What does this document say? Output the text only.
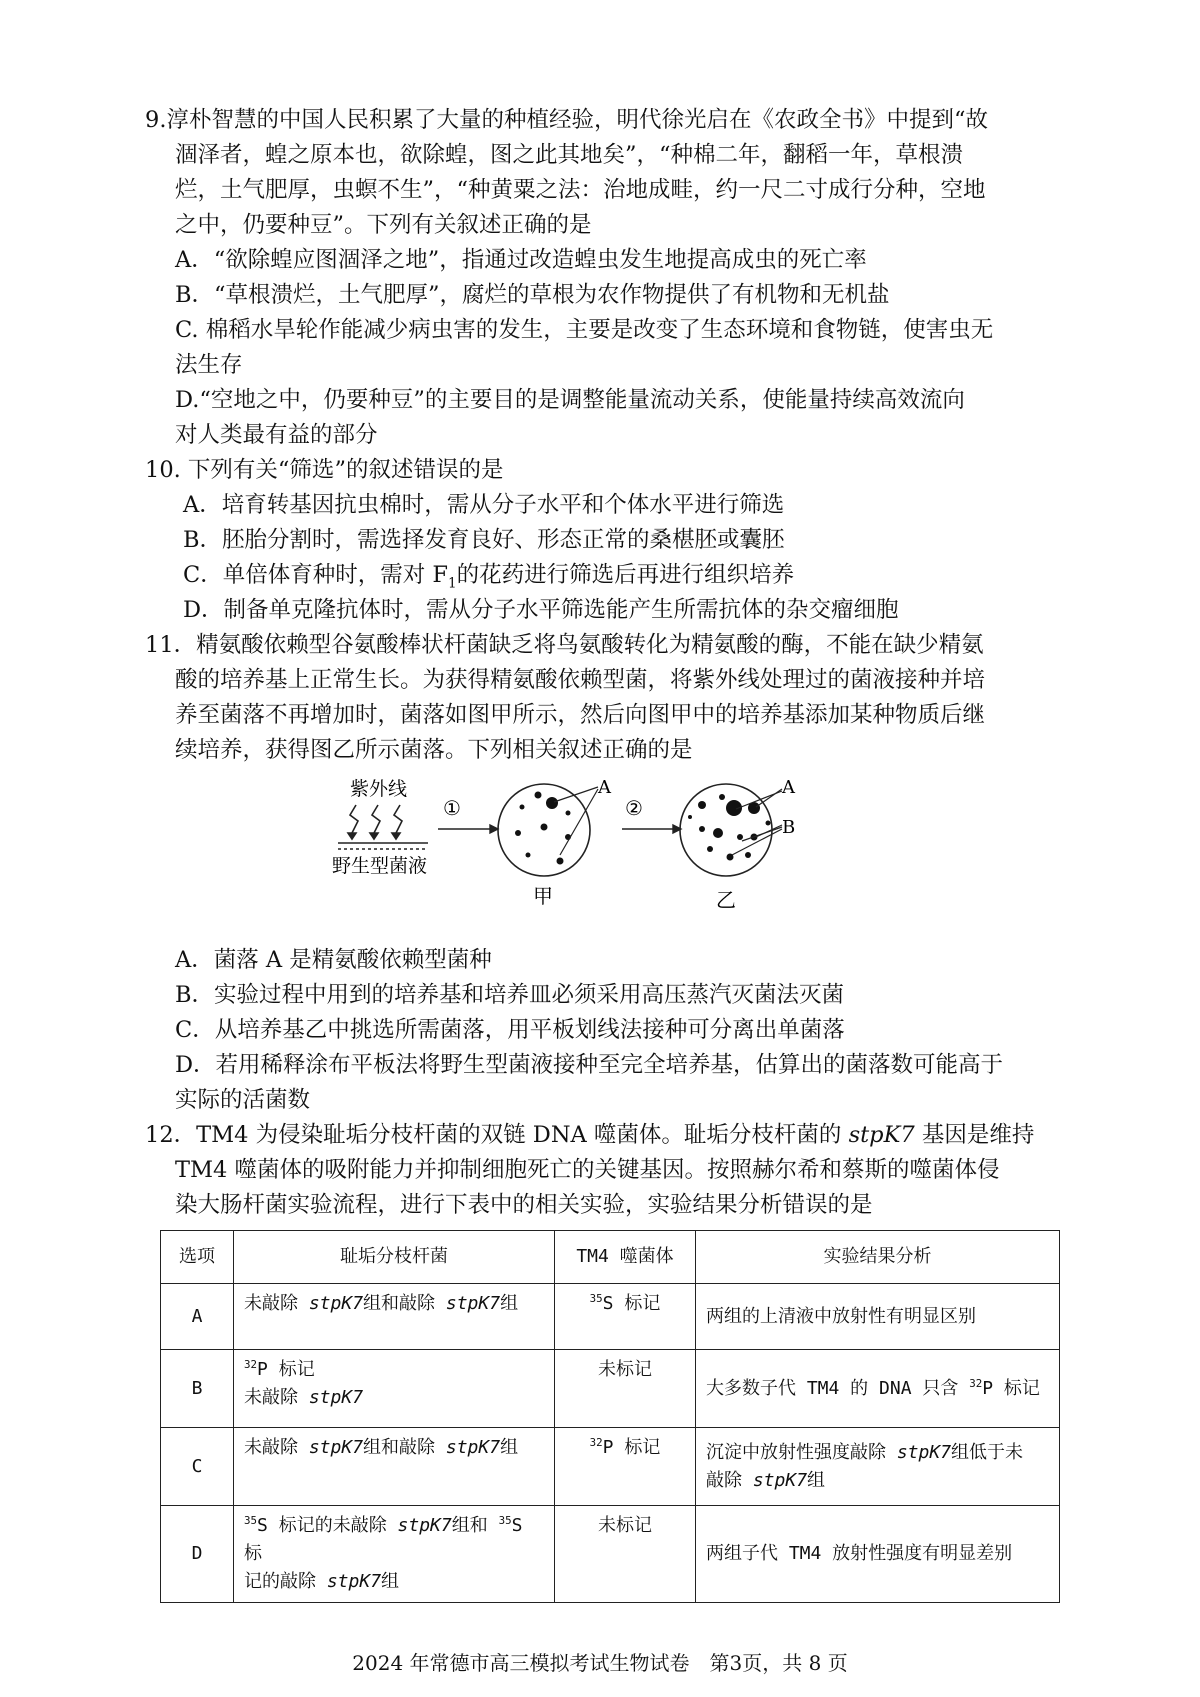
9.淳朴智慧的中国人民积累了大量的种植经验，明代徐光启在《农政全书》中提到“故
涸泽者，蝗之原本也，欲除蝗，图之此其地矣”，“种棉二年，翻稻一年，草根溃
烂，土气肥厚，虫螟不生”，“种黄粟之法：治地成畦，约一尺二寸成行分种，空地
之中，仍要种豆”。下列有关叙述正确的是
A．“欲除蝗应图涸泽之地”，指通过改造蝗虫发生地提高成虫的死亡率
B．“草根溃烂，土气肥厚”，腐烂的草根为农作物提供了有机物和无机盐
C. 棉稻水旱轮作能减少病虫害的发生，主要是改变了生态环境和食物链，使害虫无
法生存
D.“空地之中，仍要种豆”的主要目的是调整能量流动关系，使能量持续高效流向
对人类最有益的部分
10. 下列有关“筛选”的叙述错误的是
A．培育转基因抗虫棉时，需从分子水平和个体水平进行筛选
B．胚胎分割时，需选择发育良好、形态正常的桑椹胚或囊胚
C．单倍体育种时，需对 $F_1$的花药进行筛选后再进行组织培养
D．制备单克隆抗体时，需从分子水平筛选能产生所需抗体的杂交瘤细胞
11．精氨酸依赖型谷氨酸棒状杆菌缺乏将鸟氨酸转化为精氨酸的酶，不能在缺少精氨
酸的培养基上正常生长。为获得精氨酸依赖型菌，将紫外线处理过的菌液接种并培
养至菌落不再增加时，菌落如图甲所示，然后向图甲中的培养基添加某种物质后继
续培养，获得图乙所示菌落。下列相关叙述正确的是
紫外线
野生型菌液
①
A
甲
②
A
B
乙
A．菌落 A 是精氨酸依赖型菌种
B．实验过程中用到的培养基和培养皿必须采用高压蒸汽灭菌法灭菌
C．从培养基乙中挑选所需菌落，用平板划线法接种可分离出单菌落
D．若用稀释涂布平板法将野生型菌液接种至完全培养基，估算出的菌落数可能高于
实际的活菌数
12．TM4 为侵染耻垢分枝杆菌的双链 DNA 噬菌体。耻垢分枝杆菌的 stpK7 基因是维持
TM4 噬菌体的吸附能力并抑制细胞死亡的关键基因。按照赫尔希和蔡斯的噬菌体侵
染大肠杆菌实验流程，进行下表中的相关实验，实验结果分析错误的是
选项	耻垢分枝杆菌	TM4 噬菌体	实验结果分析
A	未敲除 stpK7组和敲除 stpK7组	$^{35}$S 标记	两组的上清液中放射性有明显区别
B	$^{32}$P 标记
未敲除 stpK7	未标记	大多数子代 TM4 的 DNA 只含 $^{32}$P 标记
C	未敲除 stpK7组和敲除 stpK7组	$^{32}$P 标记	沉淀中放射性强度敲除 stpK7组低于未
敲除 stpK7组
D	$^{35}$S 标记的未敲除 stpK7组和 $^{35}$S 标
记的敲除 stpK7组	未标记	两组子代 TM4 放射性强度有明显差别
2024 年常德市高三模拟考试生物试卷　第3页，共 8 页
